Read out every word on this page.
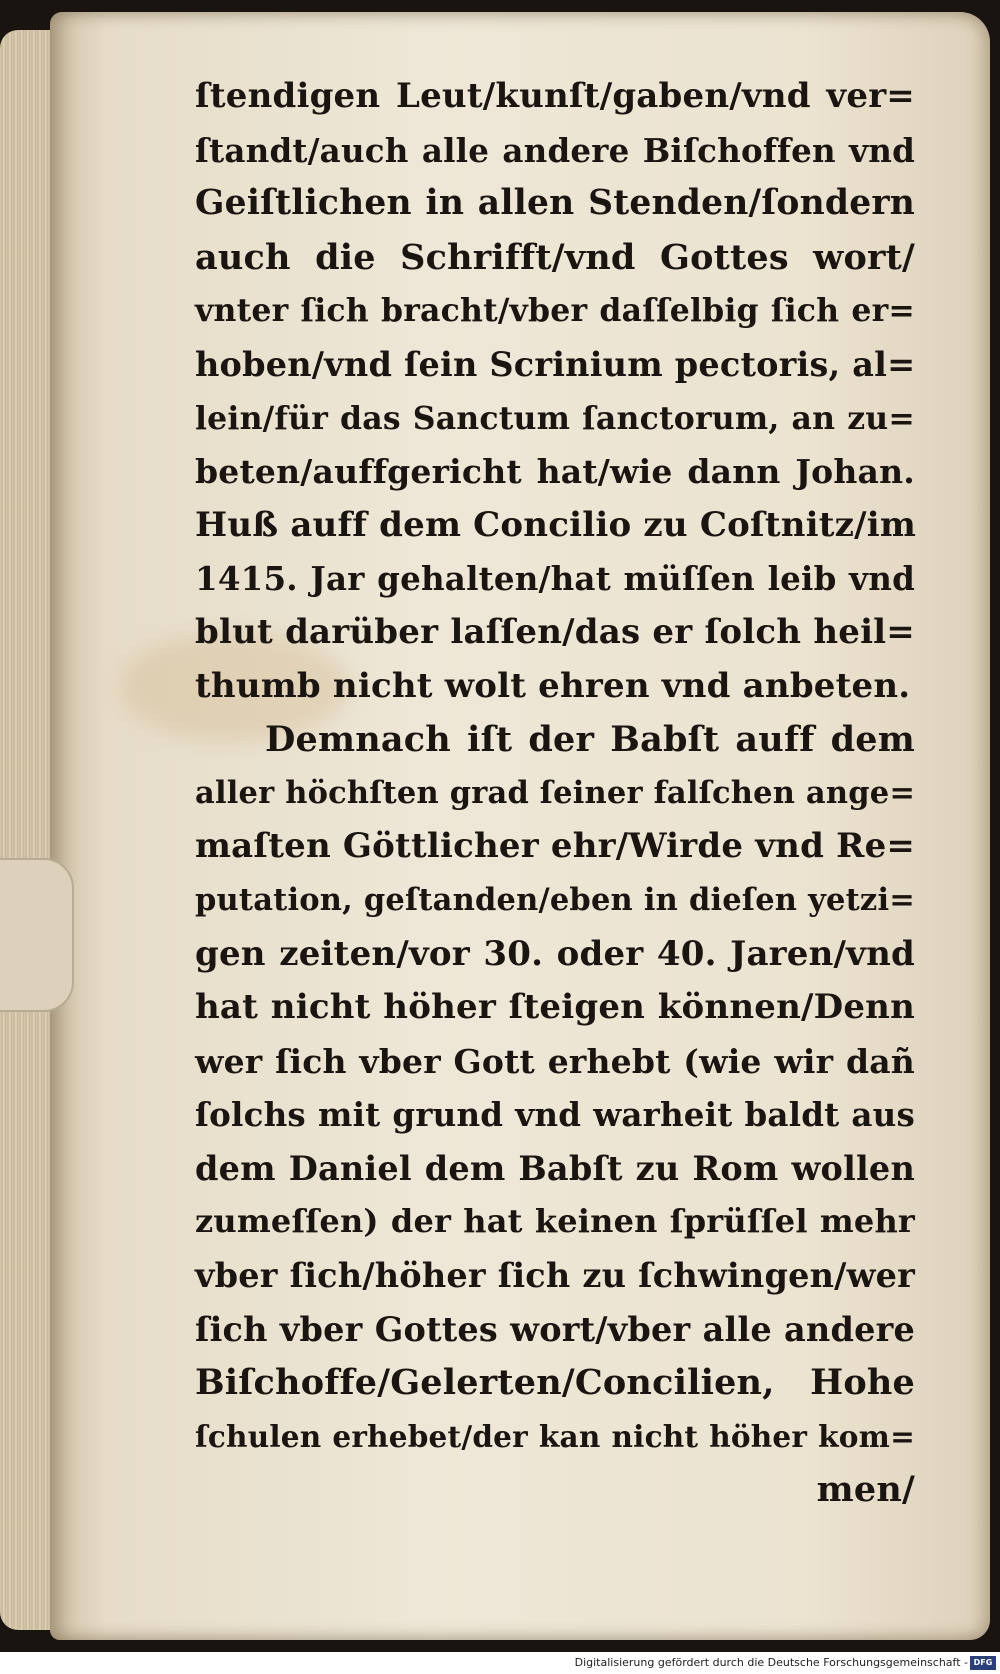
ſtendigen Leut/kunſt/gaben/vnd ver=
ſtandt/auch alle andere Biſchoffen vnd
Geiſtlichen in allen Stenden/ſondern
auch die Schrifft/vnd Gottes wort/
vnter ſich bracht/vber daſſelbig ſich er=
hoben/vnd ſein Scrinium pectoris, al=
lein/für das Sanctum ſanctorum, an zu=
beten/auffgericht hat/wie dann Johan.
Huß auff dem Concilio zu Coſtnitz/im
1415. Jar gehalten/hat müſſen leib vnd
blut darüber laſſen/das er ſolch heil=
thumb nicht wolt ehren vnd anbeten.
Demnach iſt der Babſt auff dem
aller höchſten grad ſeiner falſchen ange=
maſten Göttlicher ehr/Wirde vnd Re=
putation, geſtanden/eben in dieſen yetzi=
gen zeiten/vor 30. oder 40. Jaren/vnd
hat nicht höher ſteigen können/Denn
wer ſich vber Gott erhebt (wie wir dañ
ſolchs mit grund vnd warheit baldt aus
dem Daniel dem Babſt zu Rom wollen
zumeſſen) der hat keinen ſprüſſel mehr
vber ſich/höher ſich zu ſchwingen/wer
ſich vber Gottes wort/vber alle andere
Biſchoffe/Gelerten/Concilien, Hohe
ſchulen erhebet/der kan nicht höher kom=
men/
Digitalisierung gefördert durch die Deutsche Forschungsgemeinschaft - DFG
